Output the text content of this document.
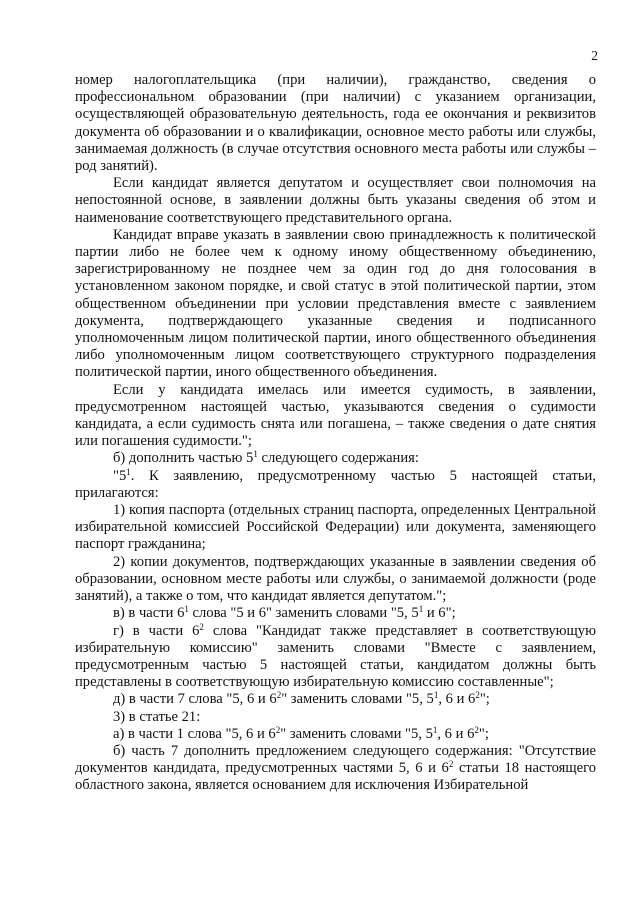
2

номер налогоплательщика (при наличии), гражданство, сведения о профессиональном образовании (при наличии) с указанием организации, осуществляющей образовательную деятельность, года ее окончания и реквизитов документа об образовании и о квалификации, основное место работы или службы, занимаемая должность (в случае отсутствия основного места работы или службы – род занятий).

Если кандидат является депутатом и осуществляет свои полномочия на непостоянной основе, в заявлении должны быть указаны сведения об этом и наименование соответствующего представительного органа.

Кандидат вправе указать в заявлении свою принадлежность к политической партии либо не более чем к одному иному общественному объединению, зарегистрированному не позднее чем за один год до дня голосования в установленном законом порядке, и свой статус в этой политической партии, этом общественном объединении при условии представления вместе с заявлением документа, подтверждающего указанные сведения и подписанного уполномоченным лицом политической партии, иного общественного объединения либо уполномоченным лицом соответствующего структурного подразделения политической партии, иного общественного объединения.

Если у кандидата имелась или имеется судимость, в заявлении, предусмотренном настоящей частью, указываются сведения о судимости кандидата, а если судимость снята или погашена, – также сведения о дате снятия или погашения судимости.";

б) дополнить частью $5^1$ следующего содержания:

"$5^1$. К заявлению, предусмотренному частью 5 настоящей статьи, прилагаются:

1) копия паспорта (отдельных страниц паспорта, определенных Центральной избирательной комиссией Российской Федерации) или документа, заменяющего паспорт гражданина;

2) копии документов, подтверждающих указанные в заявлении сведения об образовании, основном месте работы или службы, о занимаемой должности (роде занятий), а также о том, что кандидат является депутатом.";

в) в части $6^1$ слова "5 и 6" заменить словами "5, $5^1$ и 6";

г) в части $6^2$ слова "Кандидат также представляет в соответствующую избирательную комиссию" заменить словами "Вместе с заявлением, предусмотренным частью 5 настоящей статьи, кандидатом должны быть представлены в соответствующую избирательную комиссию составленные";

д) в части 7 слова "5, 6 и $6^2$" заменить словами "5, $5^1$, 6 и $6^2$";

3) в статье 21:

а) в части 1 слова "5, 6 и $6^2$" заменить словами "5, $5^1$, 6 и $6^2$";

б) часть 7 дополнить предложением следующего содержания: "Отсутствие документов кандидата, предусмотренных частями 5, 6 и $6^2$ статьи 18 настоящего областного закона, является основанием для исключения Избирательной
